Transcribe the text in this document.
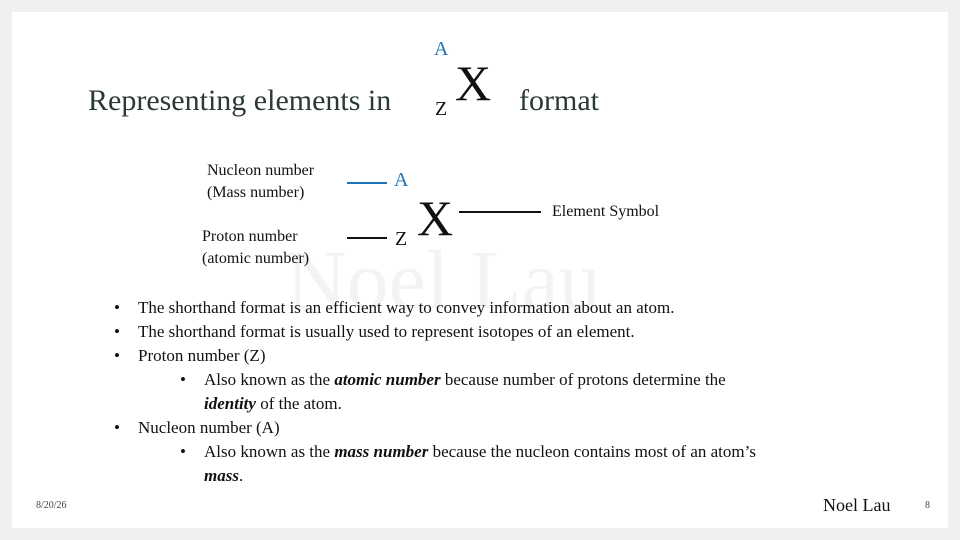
Representing elements in
A
X
Z format
Nucleon number
(Mass number)
A
Proton number
(atomic number)
Z X	Element Symbol
• The shorthand format is an efficient way to convey information about an atom.
• The shorthand format is usually used to represent isotopes of an element.
• Proton number (Z)
• Also known as the atomic number because number of protons determine the
identity of the atom.
• Nucleon number (A)
• Also known as the mass number because the nucleon contains most of an atom’s
mass.
8/20/26	Noel Lau	8
